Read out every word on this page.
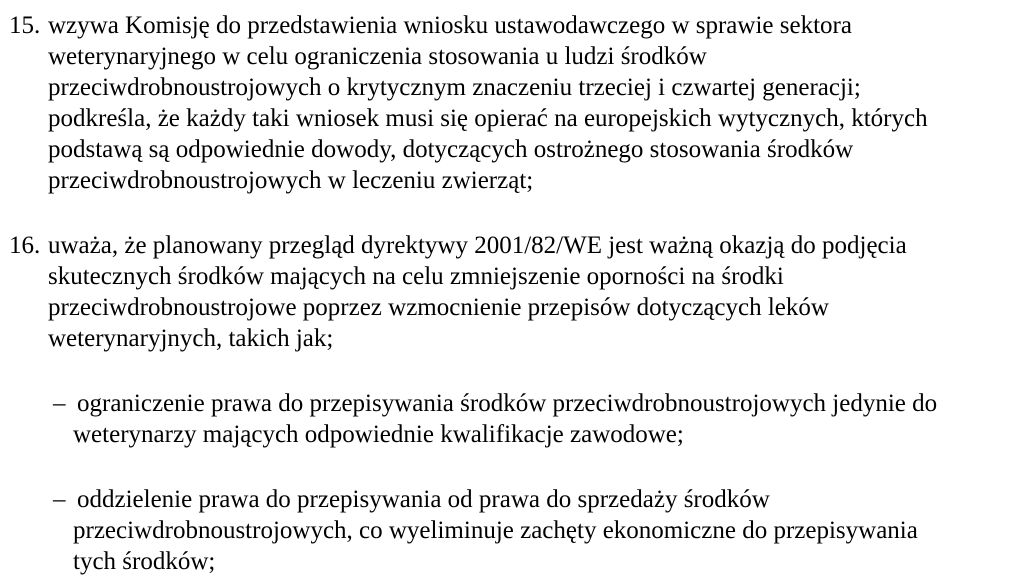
15. wzywa Komisję do przedstawienia wniosku ustawodawczego w sprawie sektora
weterynaryjnego w celu ograniczenia stosowania u ludzi środków
przeciwdrobnoustrojowych o krytycznym znaczeniu trzeciej i czwartej generacji;
podkreśla, że każdy taki wniosek musi się opierać na europejskich wytycznych, których
podstawą są odpowiednie dowody, dotyczących ostrożnego stosowania środków
przeciwdrobnoustrojowych w leczeniu zwierząt;
16. uważa, że planowany przegląd dyrektywy 2001/82/WE jest ważną okazją do podjęcia
skutecznych środków mających na celu zmniejszenie oporności na środki
przeciwdrobnoustrojowe poprzez wzmocnienie przepisów dotyczących leków
weterynaryjnych, takich jak;
– ograniczenie prawa do przepisywania środków przeciwdrobnoustrojowych jedynie do
weterynarzy mających odpowiednie kwalifikacje zawodowe;
– oddzielenie prawa do przepisywania od prawa do sprzedaży środków
przeciwdrobnoustrojowych, co wyeliminuje zachęty ekonomiczne do przepisywania
tych środków;
